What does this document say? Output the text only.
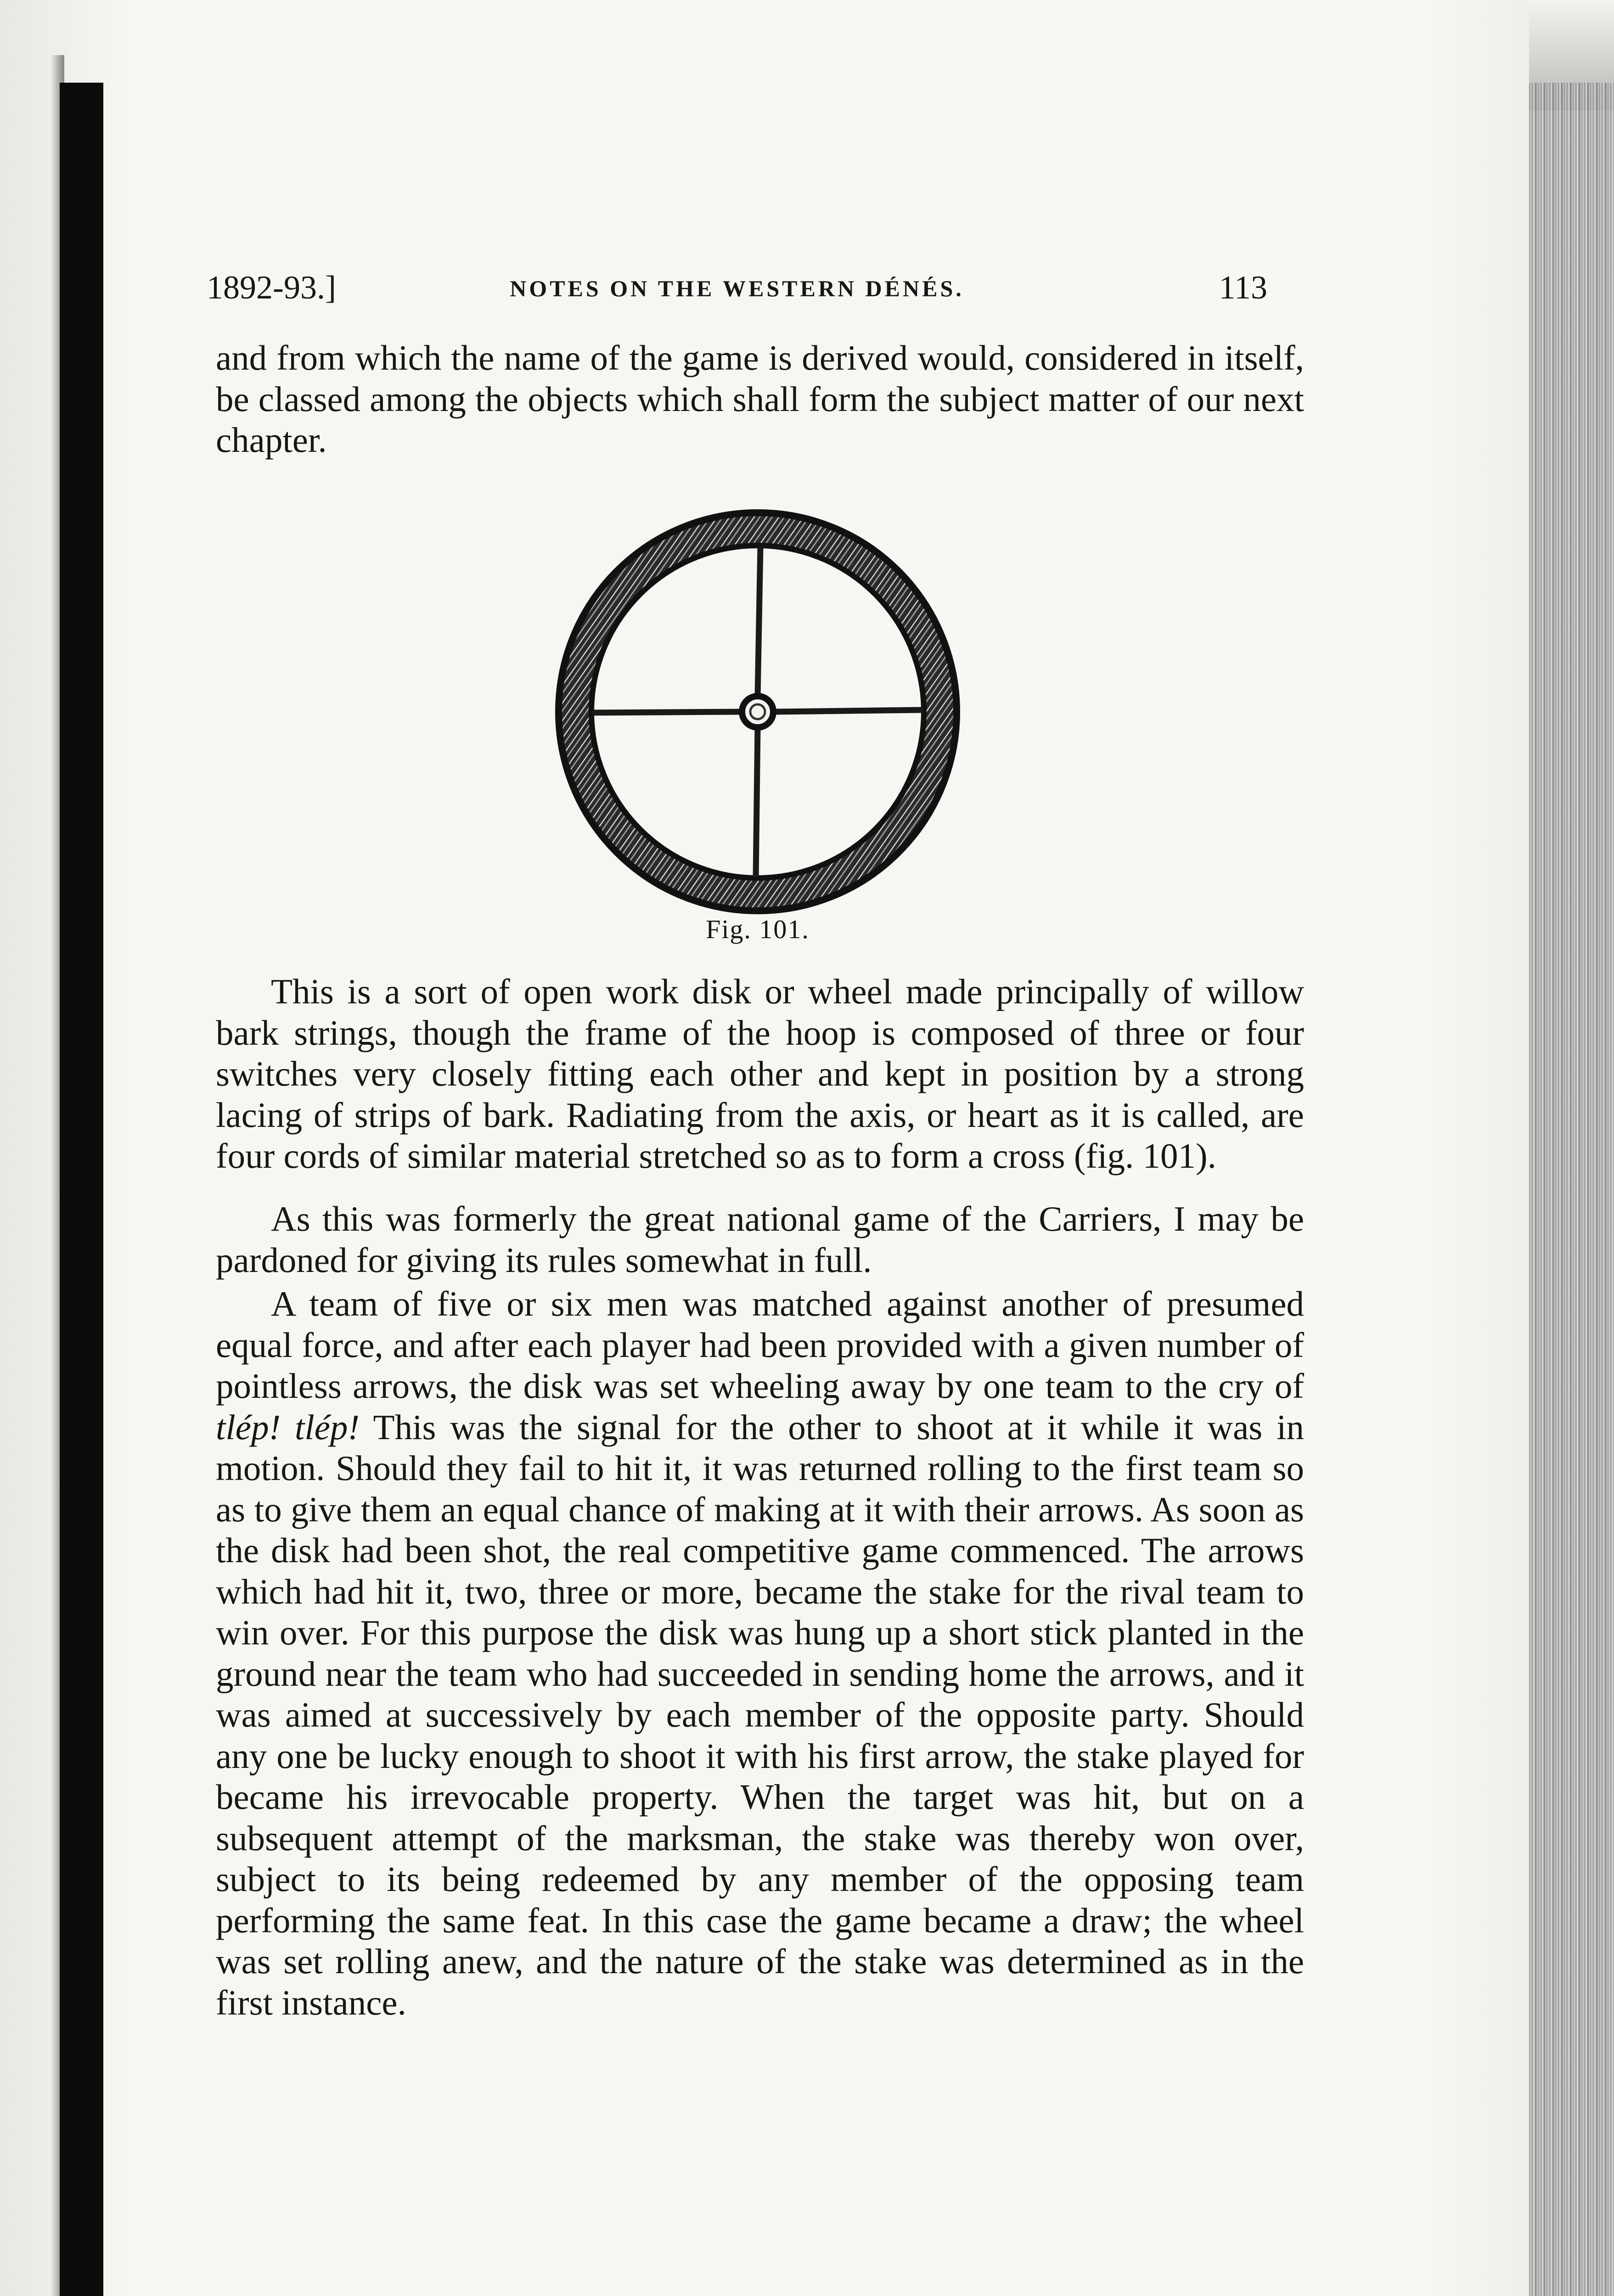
1892-93.]	NOTES ON THE WESTERN DÉNÉS.	113

and from which the name of the game is derived would, considered in itself, be classed among the objects which shall form the subject matter of our next chapter.

Fig. 101.

This is a sort of open work disk or wheel made principally of willow bark strings, though the frame of the hoop is composed of three or four switches very closely fitting each other and kept in position by a strong lacing of strips of bark. Radiating from the axis, or heart as it is called, are four cords of similar material stretched so as to form a cross (fig. 101).

As this was formerly the great national game of the Carriers, I may be pardoned for giving its rules somewhat in full.

A team of five or six men was matched against another of presumed equal force, and after each player had been provided with a given number of pointless arrows, the disk was set wheeling away by one team to the cry of tlép! tlép! This was the signal for the other to shoot at it while it was in motion. Should they fail to hit it, it was returned rolling to the first team so as to give them an equal chance of making at it with their arrows. As soon as the disk had been shot, the real competitive game commenced. The arrows which had hit it, two, three or more, became the stake for the rival team to win over. For this purpose the disk was hung up a short stick planted in the ground near the team who had succeeded in sending home the arrows, and it was aimed at successively by each member of the opposite party. Should any one be lucky enough to shoot it with his first arrow, the stake played for became his irrevocable property. When the target was hit, but on a subsequent attempt of the marksman, the stake was thereby won over, subject to its being redeemed by any member of the opposing team performing the same feat. In this case the game became a draw; the wheel was set rolling anew, and the nature of the stake was determined as in the first instance.
